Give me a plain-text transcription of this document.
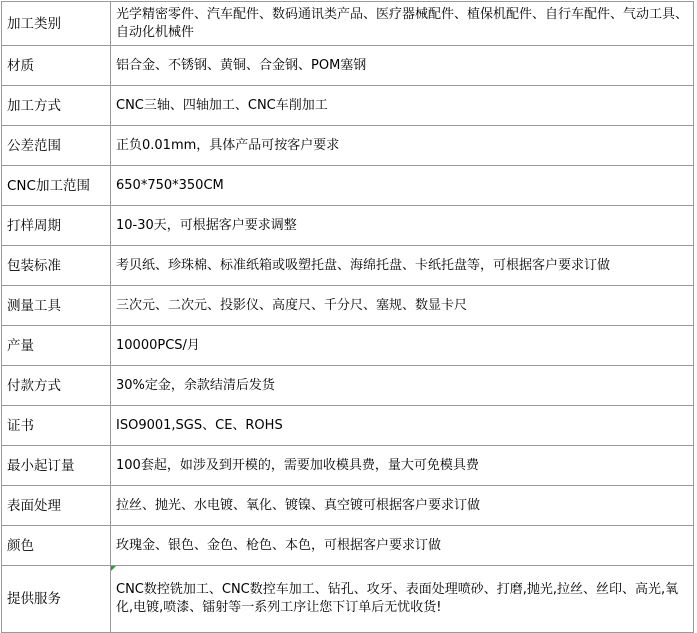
加工类别	光学精密零件、汽车配件、数码通讯类产品、医疗器械配件、植保机配件、自行车配件、气动工具、自动化机械件
材质	铝合金、不锈钢、黄铜、合金钢、POM塞钢
加工方式	CNC三轴、四轴加工、CNC车削加工
公差范围	正负0.01mm，具体产品可按客户要求
CNC加工范围	650*750*350CM
打样周期	10-30天，可根据客户要求调整
包装标准	考贝纸、珍珠棉、标准纸箱或吸塑托盘、海绵托盘、卡纸托盘等，可根据客户要求订做
测量工具	三次元、二次元、投影仪、高度尺、千分尺、塞规、数显卡尺
产量	10000PCS/月
付款方式	30%定金，余款结清后发货
证书	ISO9001,SGS、CE、ROHS
最小起订量	100套起，如涉及到开模的，需要加收模具费，量大可免模具费
表面处理	拉丝、抛光、水电镀、氧化、镀镍、真空镀可根据客户要求订做
颜色	玫瑰金、银色、金色、枪色、本色，可根据客户要求订做
提供服务	CNC数控铣加工、CNC数控车加工、钻孔、攻牙、表面处理喷砂、打磨,抛光,拉丝、丝印、高光,氧化,电镀,喷漆、镭射等一系列工序让您下订单后无忧收货!
